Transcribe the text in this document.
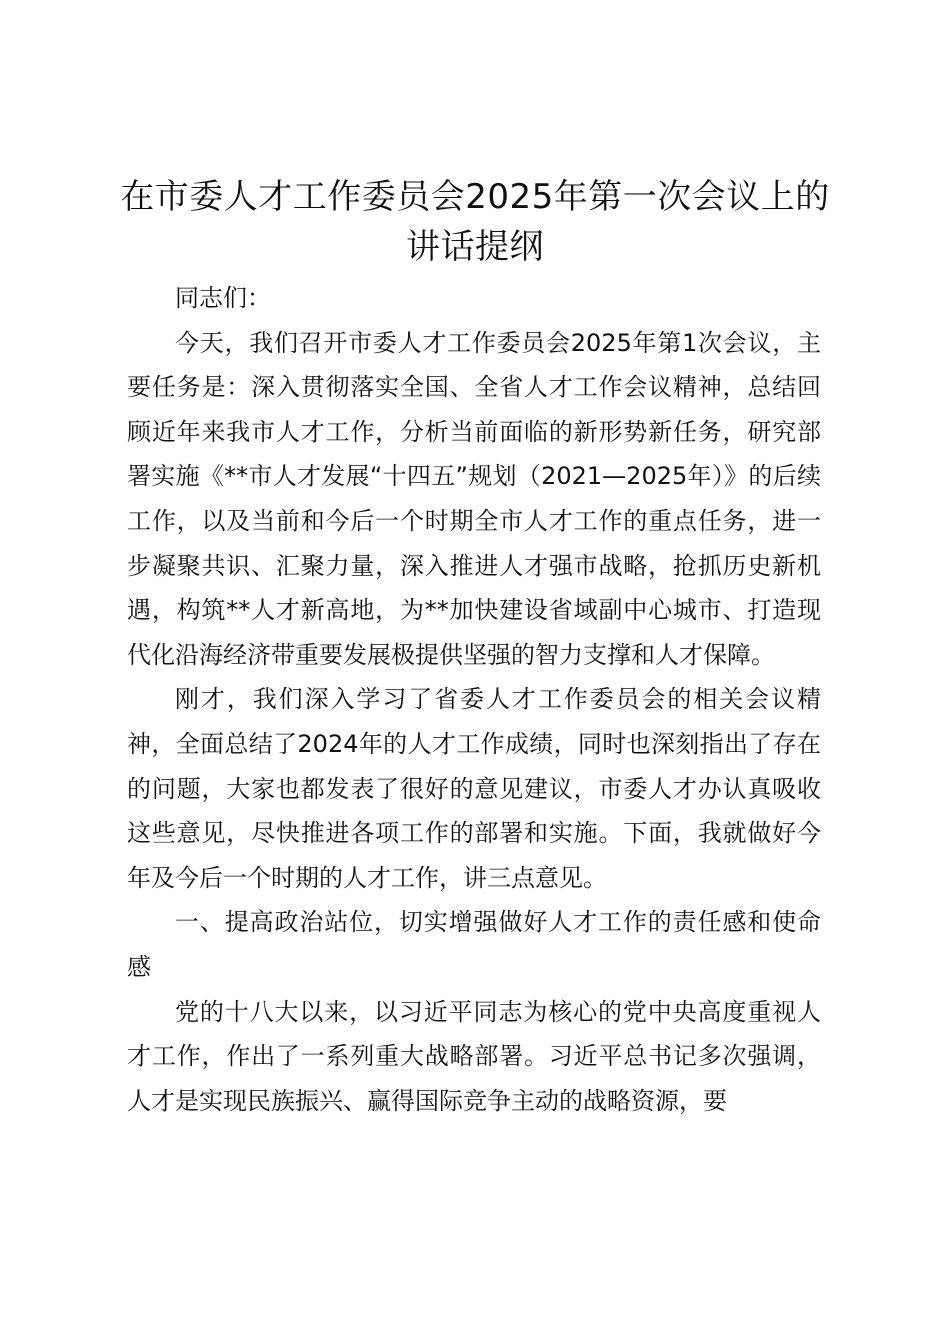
在市委人才工作委员会2025年第一次会议上的讲话提纲

同志们：

今天，我们召开市委人才工作委员会2025年第1次会议，主要任务是：深入贯彻落实全国、全省人才工作会议精神，总结回顾近年来我市人才工作，分析当前面临的新形势新任务，研究部署实施《**市人才发展“十四五”规划（2021—2025年）》的后续工作，以及当前和今后一个时期全市人才工作的重点任务，进一步凝聚共识、汇聚力量，深入推进人才强市战略，抢抓历史新机遇，构筑**人才新高地，为**加快建设省域副中心城市、打造现代化沿海经济带重要发展极提供坚强的智力支撑和人才保障。

刚才，我们深入学习了省委人才工作委员会的相关会议精神，全面总结了2024年的人才工作成绩，同时也深刻指出了存在的问题，大家也都发表了很好的意见建议，市委人才办认真吸收这些意见，尽快推进各项工作的部署和实施。下面，我就做好今年及今后一个时期的人才工作，讲三点意见。

一、提高政治站位，切实增强做好人才工作的责任感和使命感

党的十八大以来，以习近平同志为核心的党中央高度重视人才工作，作出了一系列重大战略部署。习近平总书记多次强调，人才是实现民族振兴、赢得国际竞争主动的战略资源，要
